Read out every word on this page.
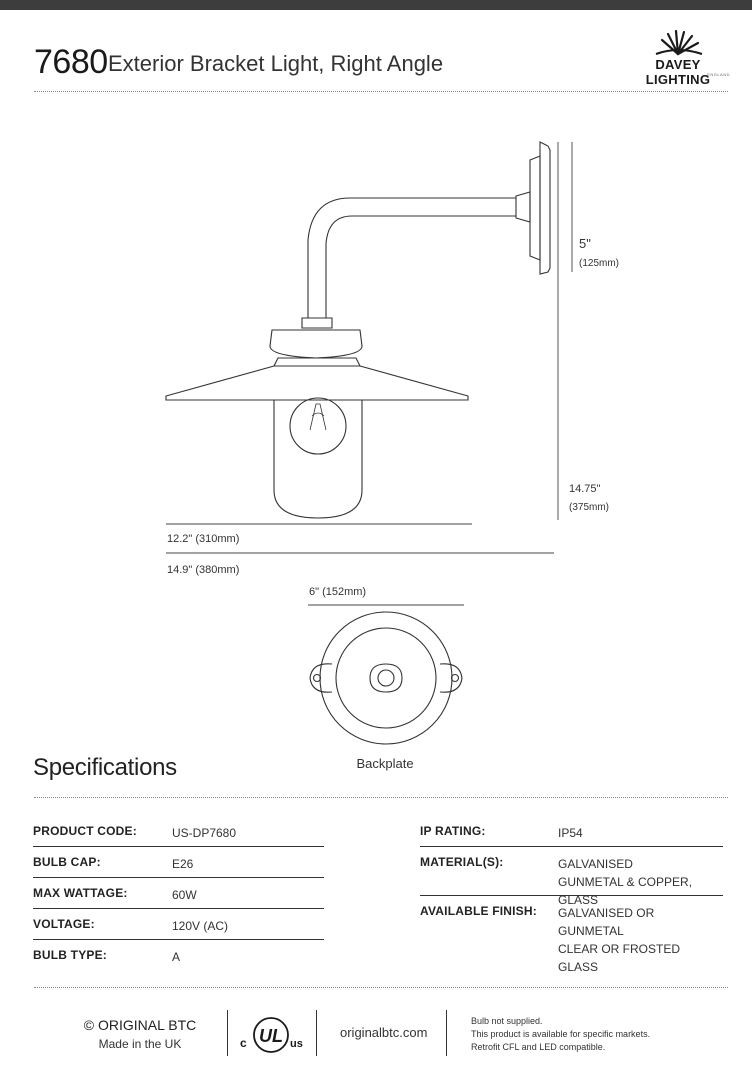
7680 Exterior Bracket Light, Right Angle	DAVEY LIGHTING
ENGLAND
5"
(125mm)
14.75"
(375mm)
12.2" (310mm)
14.9" (380mm)
6" (152mm)
Backplate
Specifications
PRODUCT CODE:	US-DP7680
BULB CAP:	E26
MAX WATTAGE:	60W
VOLTAGE:	120V (AC)
BULB TYPE:	A
IP RATING:	IP54
MATERIAL(S):	GALVANISED
GUNMETAL & COPPER, GLASS
AVAILABLE FINISH: GALVANISED OR GUNMETAL
CLEAR OR FROSTED GLASS
© ORIGINAL BTC
Made in the UK	c UL us
originalbtc.com
Bulb not supplied.
This product is available for specific markets.
Retrofit CFL and LED compatible.
